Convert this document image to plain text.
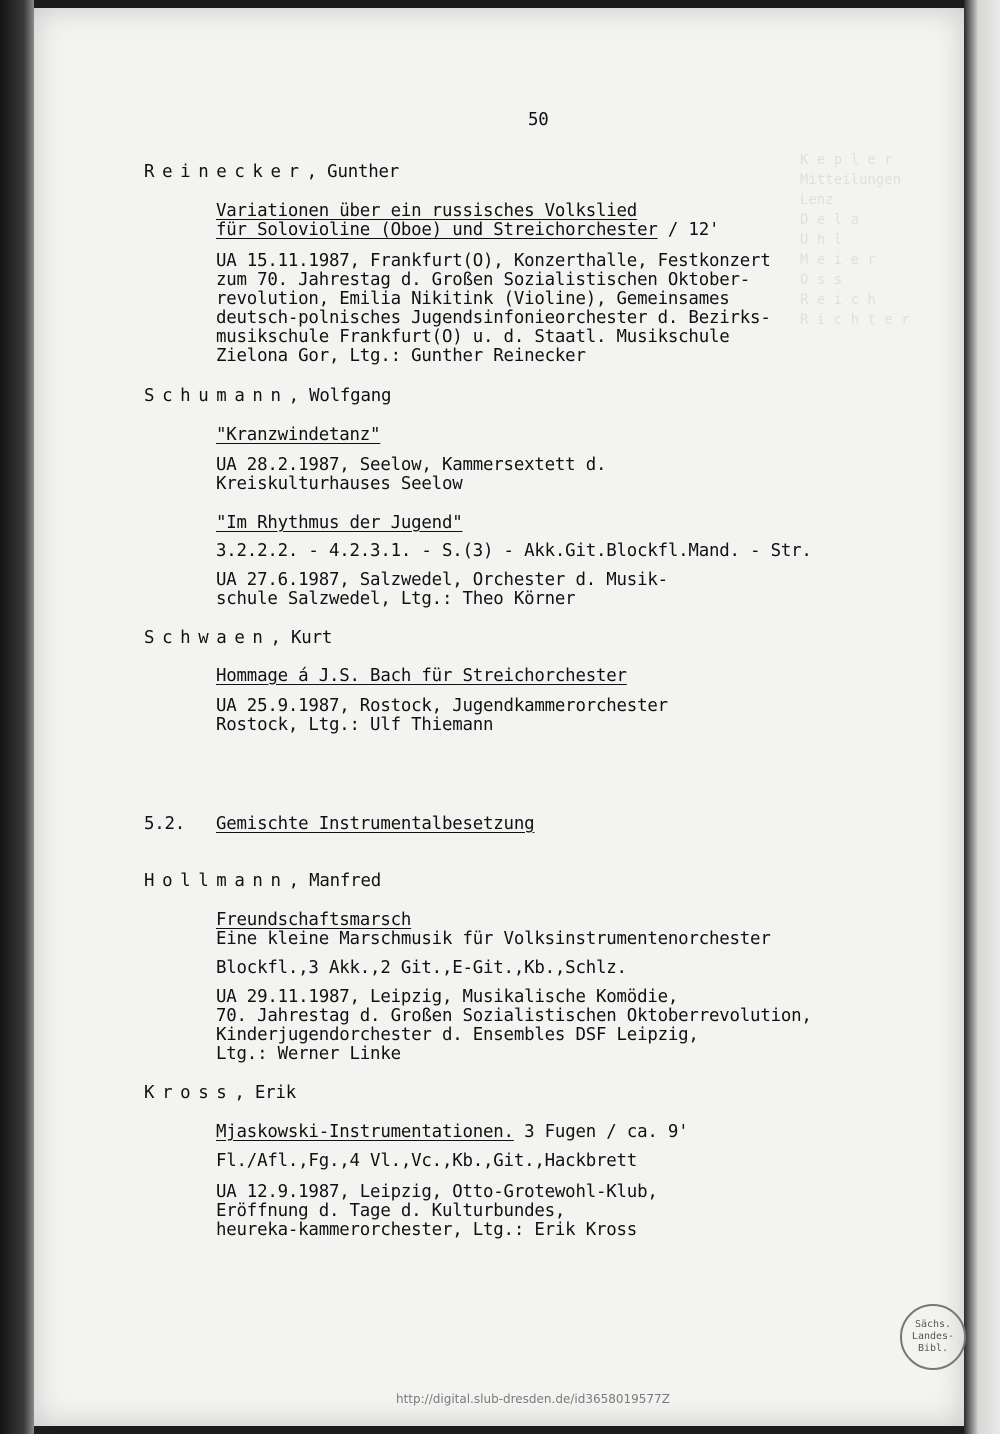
K e p l e r
Mitteilungen
Lenz
D e l a
U h l
M e i e r
O s s
R e i c h
R i c h t e r
50
Reinecker, Gunther
Variationen über ein russisches Volkslied
für Solovioline (Oboe) und Streichorchester / 12'
UA 15.11.1987, Frankfurt(O), Konzerthalle, Festkonzert
zum 70. Jahrestag d. Großen Sozialistischen Oktober-
revolution, Emilia Nikitink (Violine), Gemeinsames
deutsch-polnisches Jugendsinfonieorchester d. Bezirks-
musikschule Frankfurt(O) u. d. Staatl. Musikschule
Zielona Gor, Ltg.: Gunther Reinecker
Schumann, Wolfgang
"Kranzwindetanz"
UA 28.2.1987, Seelow, Kammersextett d.
Kreiskulturhauses Seelow
"Im Rhythmus der Jugend"
3.2.2.2. - 4.2.3.1. - S.(3) - Akk.Git.Blockfl.Mand. - Str.
UA 27.6.1987, Salzwedel, Orchester d. Musik-
schule Salzwedel, Ltg.: Theo Körner
Schwaen, Kurt
Hommage á J.S. Bach für Streichorchester
UA 25.9.1987, Rostock, Jugendkammerorchester
Rostock, Ltg.: Ulf Thiemann
5.2. Gemischte Instrumentalbesetzung
Hollmann, Manfred
Freundschaftsmarsch
Eine kleine Marschmusik für Volksinstrumentenorchester
Blockfl.,3 Akk.,2 Git.,E-Git.,Kb.,Schlz.
UA 29.11.1987, Leipzig, Musikalische Komödie,
70. Jahrestag d. Großen Sozialistischen Oktoberrevolution,
Kinderjugendorchester d. Ensembles DSF Leipzig,
Ltg.: Werner Linke
Kross, Erik
Mjaskowski-Instrumentationen. 3 Fugen / ca. 9'
Fl./Afl.,Fg.,4 Vl.,Vc.,Kb.,Git.,Hackbrett
UA 12.9.1987, Leipzig, Otto-Grotewohl-Klub,
Eröffnung d. Tage d. Kulturbundes,
heureka-kammerorchester, Ltg.: Erik Kross
Sächs.
Landes-
Bibl.
http://digital.slub-dresden.de/id3658019577Z
